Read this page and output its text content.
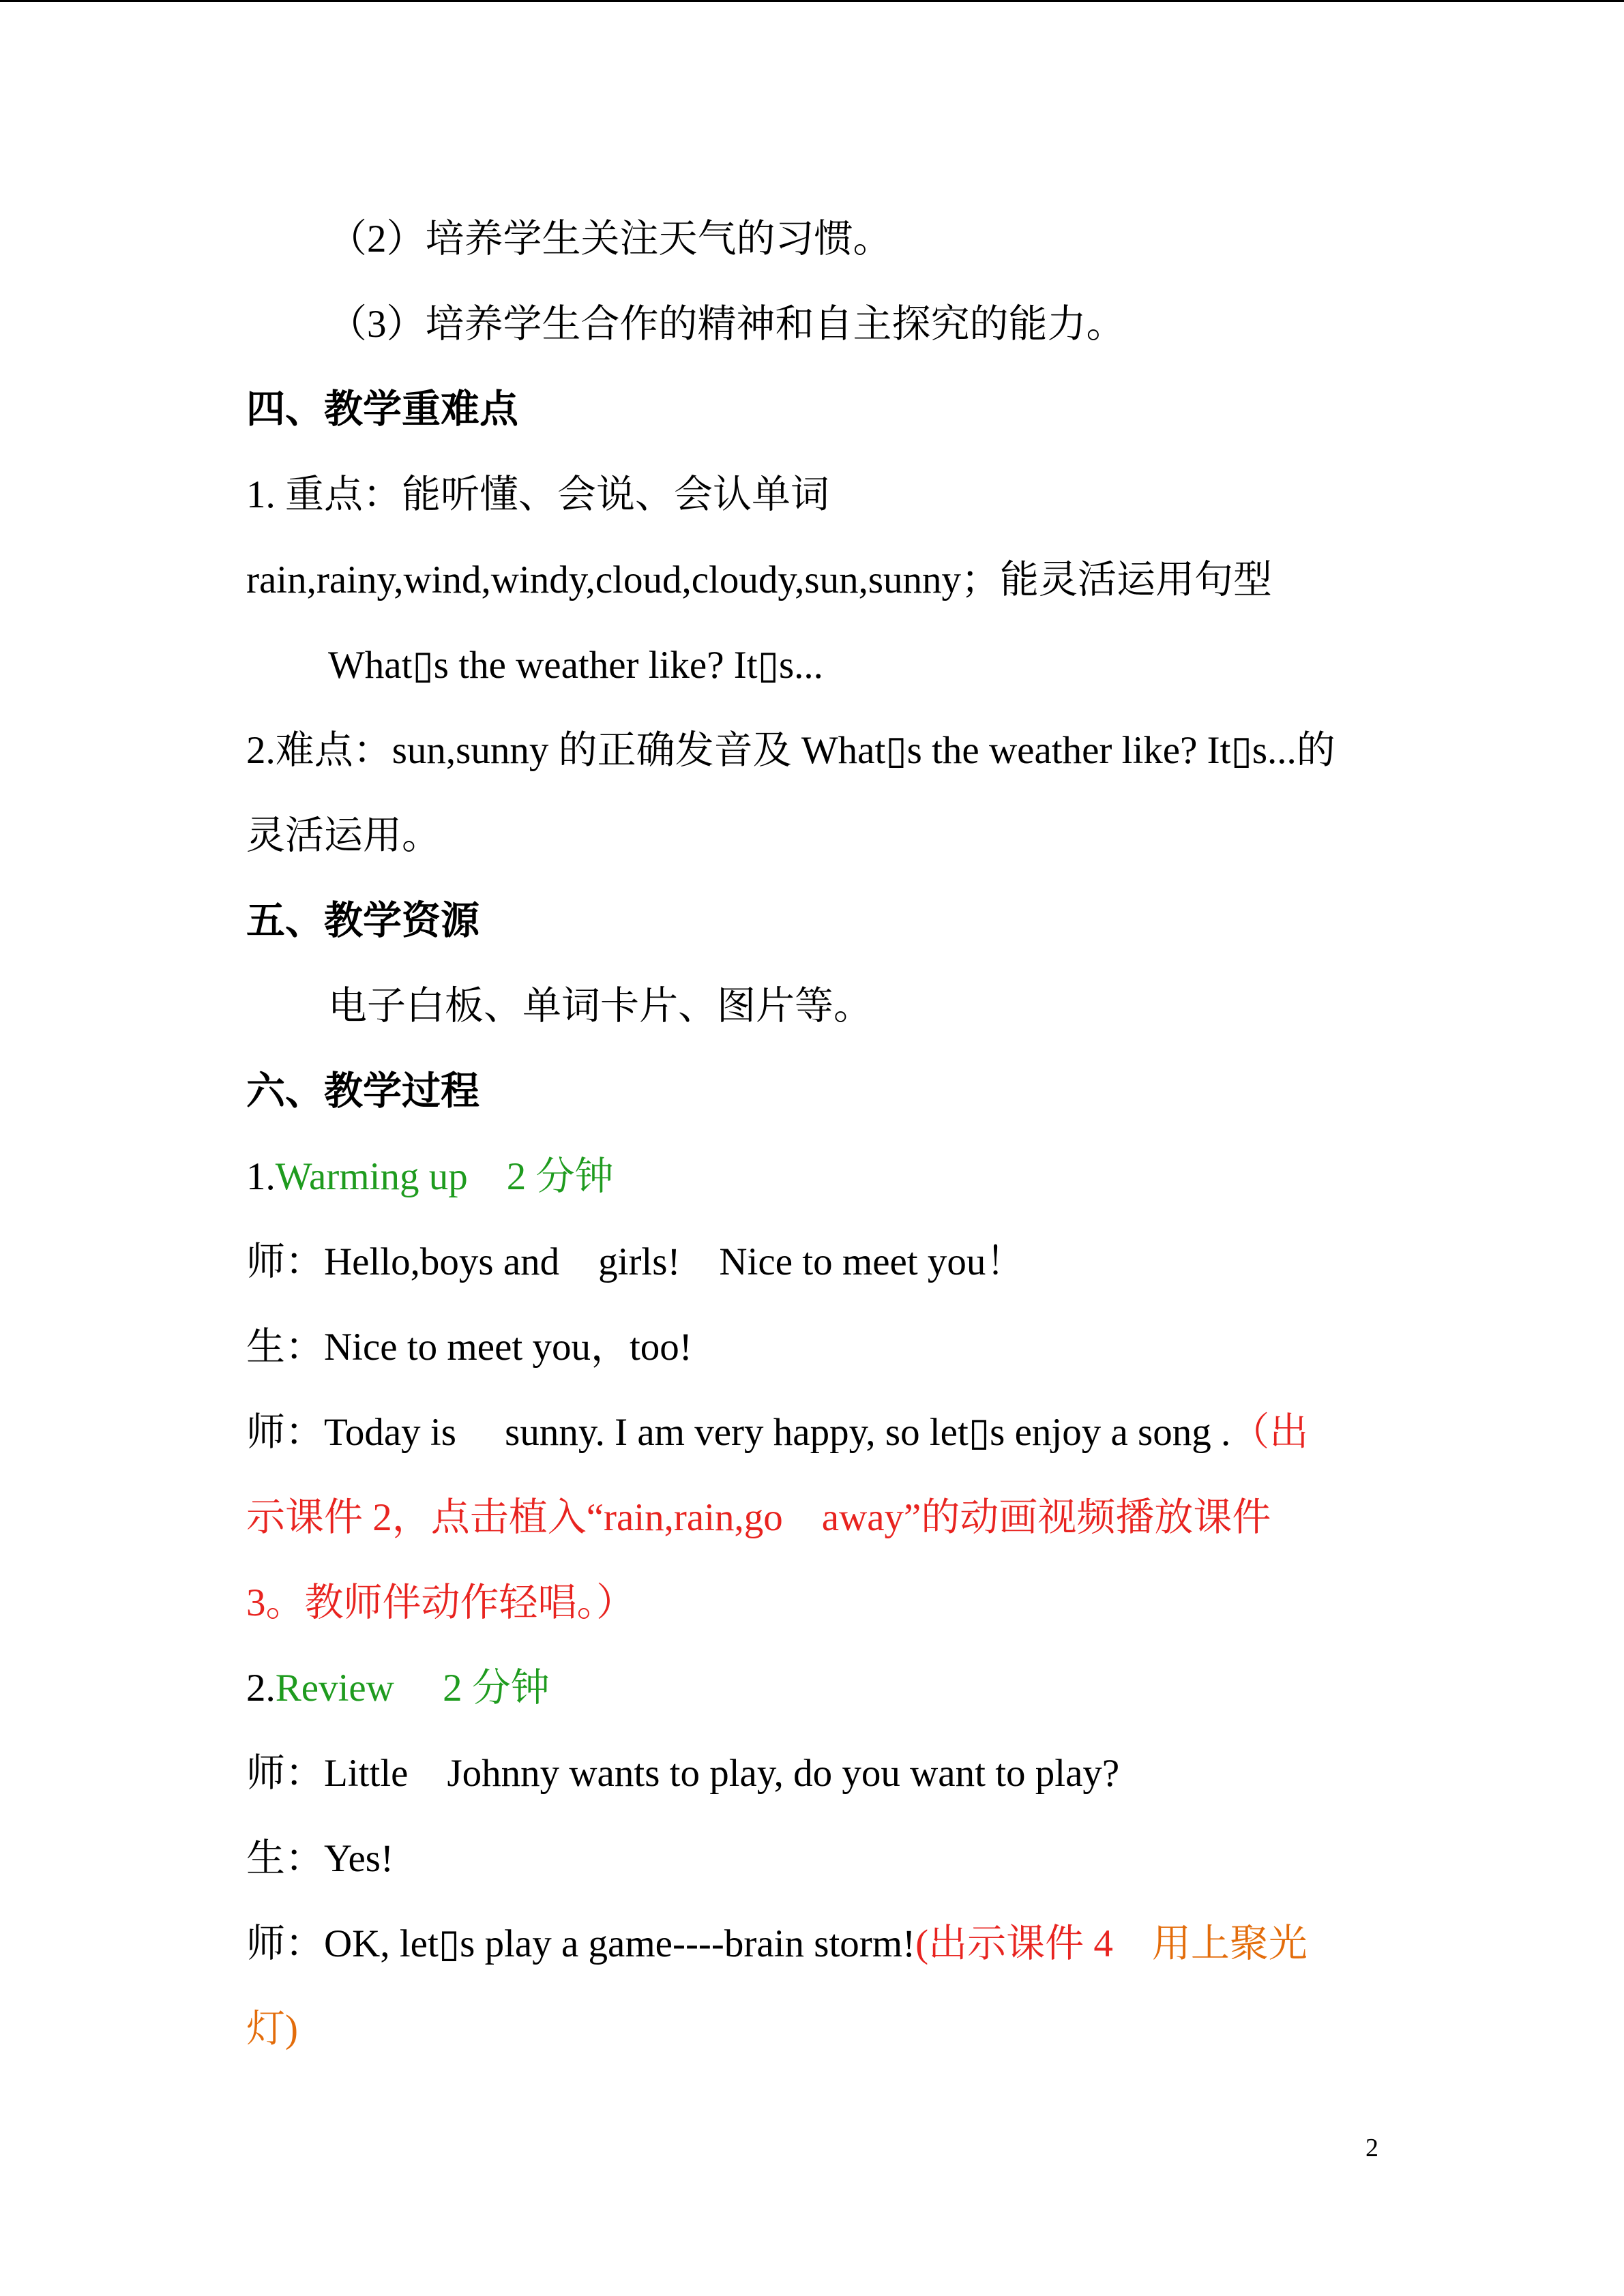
（2）培养学生关注天气的习惯。
（3）培养学生合作的精神和自主探究的能力。
四、教学重难点
1. 重点：能听懂、会说、会认单词
rain,rainy,wind,windy,cloud,cloudy,sun,sunny；能灵活运用句型
What▯s the weather like? It▯s...
2.难点：sun,sunny 的正确发音及 What▯s the weather like? It▯s...的
灵活运用。
五、教学资源
电子白板、单词卡片、图片等。
六、教学过程
1.Warming up　2 分钟
师：Hello,boys and　girls!　Nice to meet you！
生：Nice to meet you，too!
师：Today is　 sunny. I am very happy, so let▯s enjoy a song .（出
示课件 2，点击植入“rain,rain,go　away”的动画视频播放课件
3。教师伴动作轻唱。）
2.Review　 2 分钟
师：Little　Johnny wants to play, do you want to play?
生：Yes!
师：OK, let▯s play a game----brain storm!(出示课件 4　用上聚光
灯)
2
